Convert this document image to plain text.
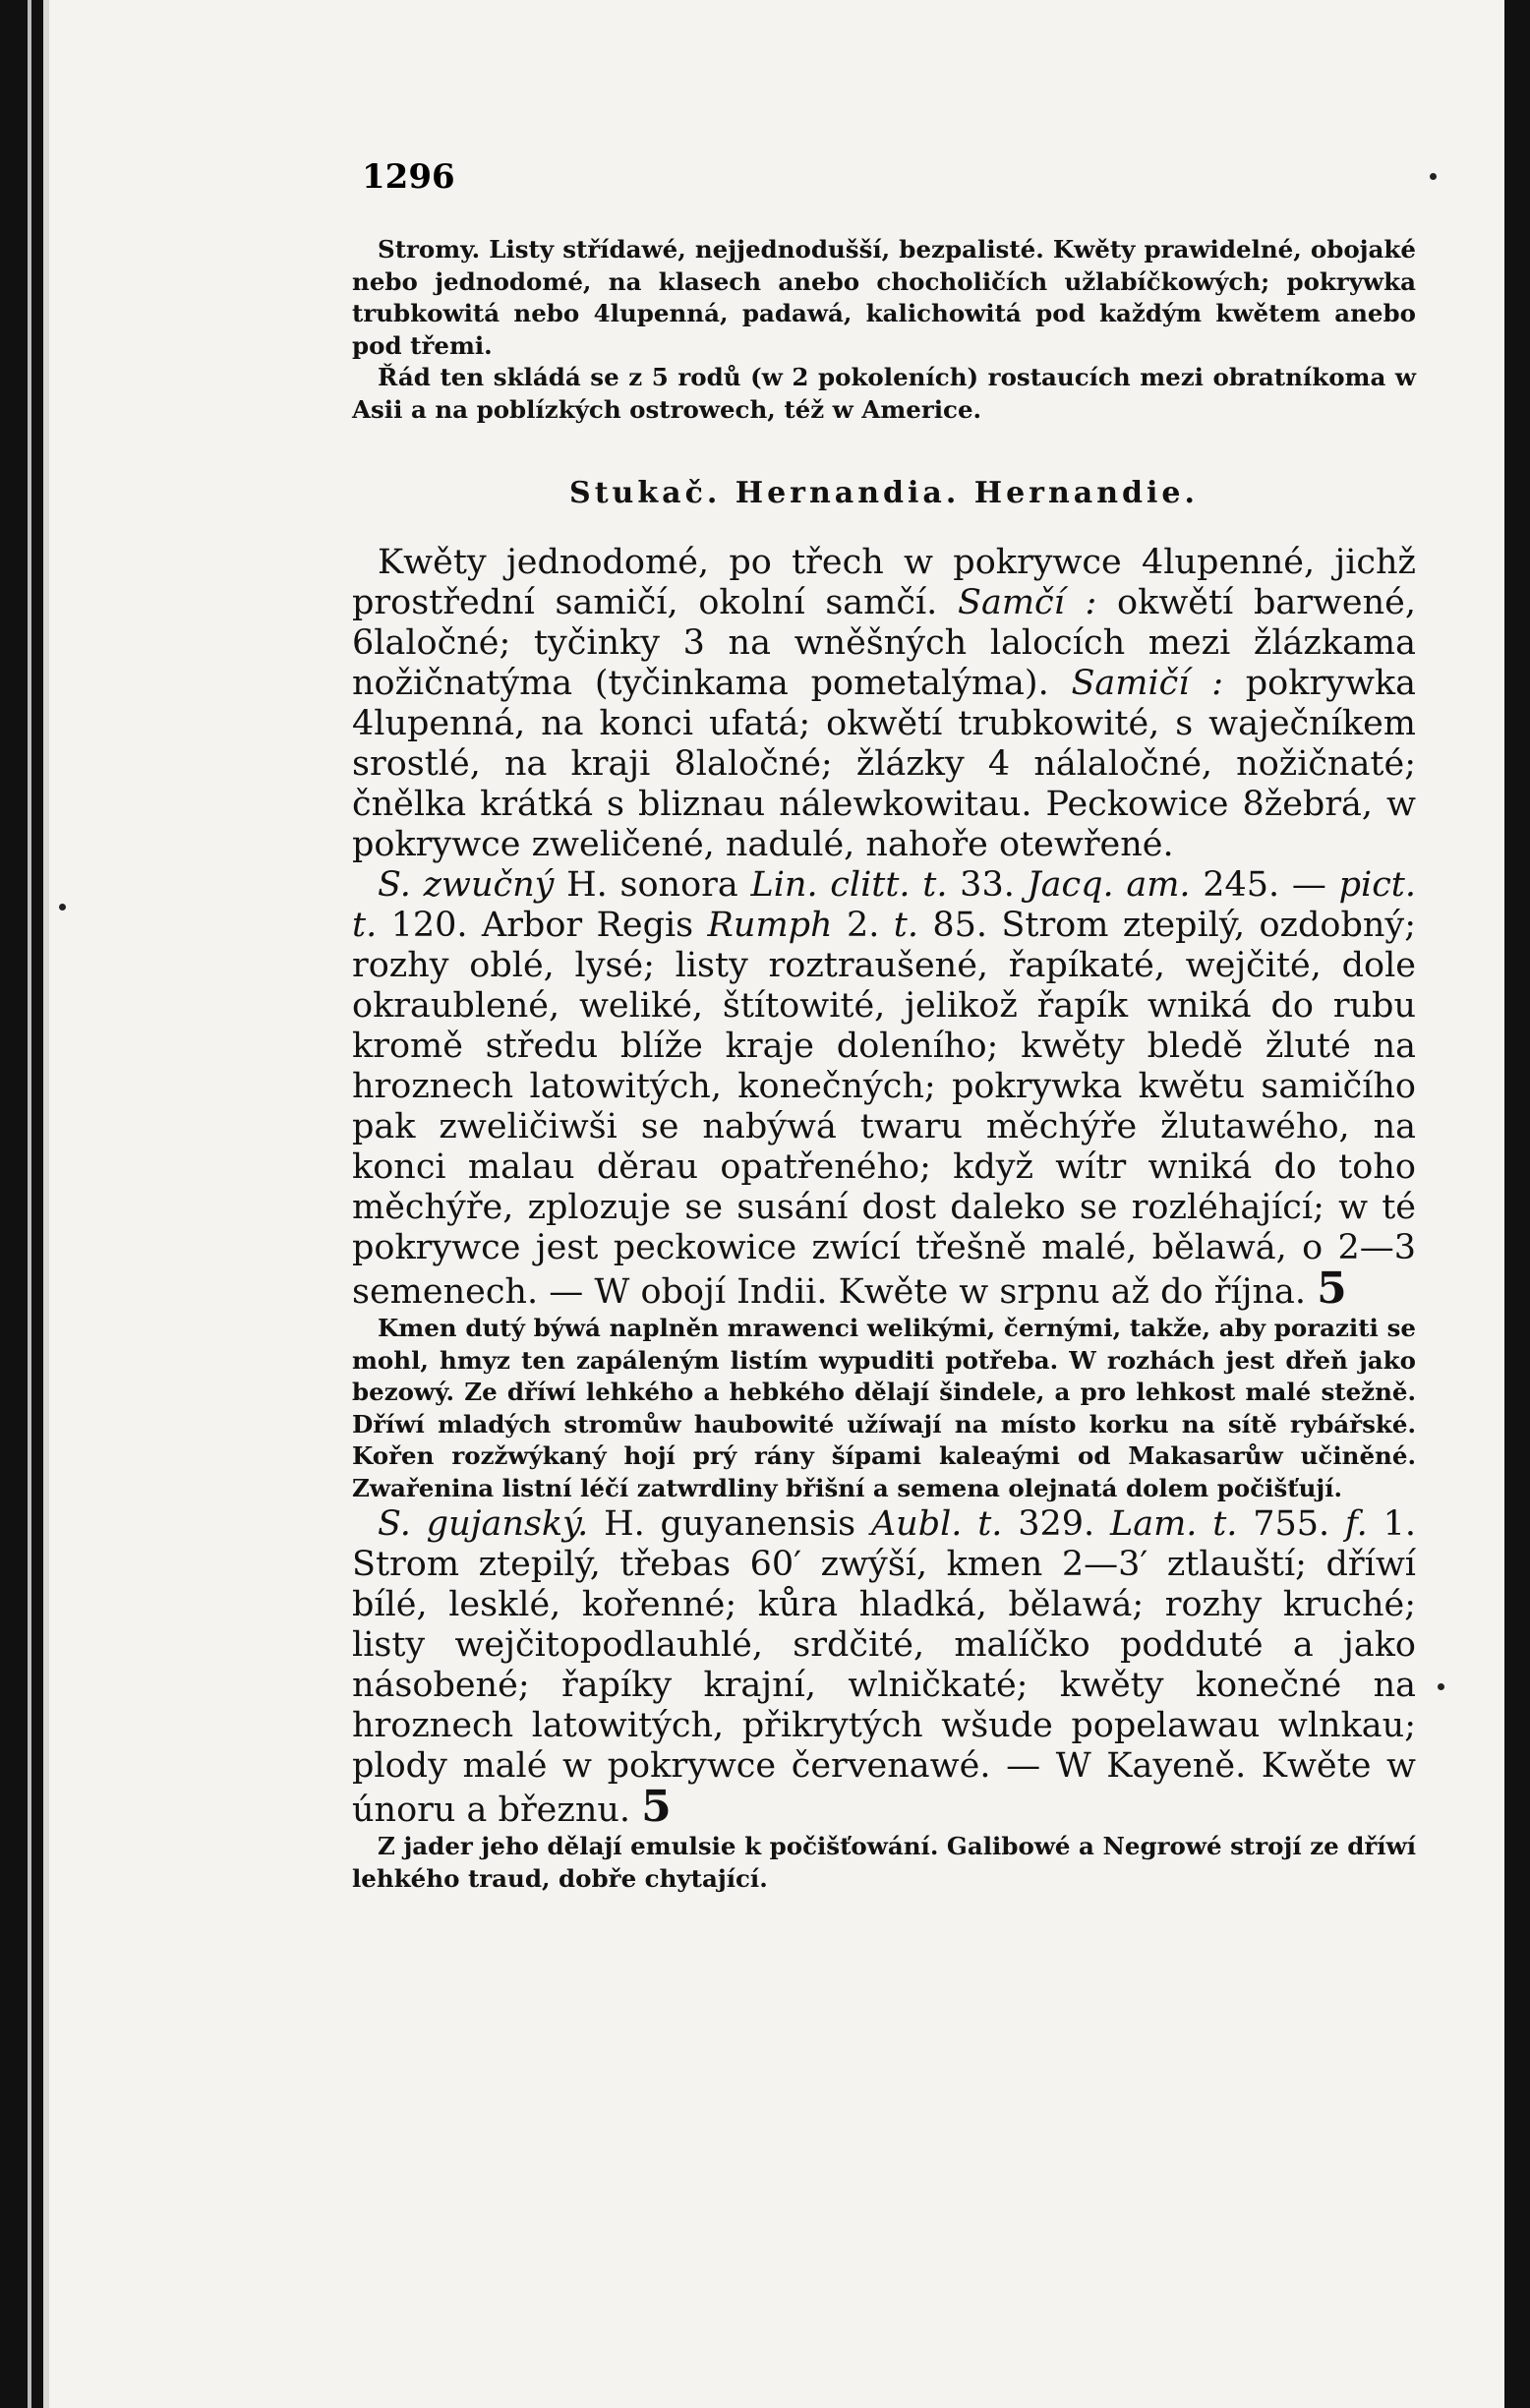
1296

Stromy. Listy střídawé, nejjednodušší, bezpalisté. Kwěty prawidelné, obojaké nebo jednodomé, na klasech anebo chocholičích užlabíčkowých; pokrywka trubkowitá nebo 4lupenná, padawá, kalichowitá pod každým kwětem anebo pod třemi.

Řád ten skládá se z 5 rodů (w 2 pokoleních) rostaucích mezi obratníkoma w Asii a na poblízkých ostrowech, též w Americe.

Stukač. Hernandia. Hernandie.

Kwěty jednodomé, po třech w pokrywce 4lupenné, jichž prostřední samičí, okolní samčí. Samčí : okwětí barwené, 6laločné; tyčinky 3 na wněšných lalocích mezi žlázkama nožičnatýma (tyčinkama pometalýma). Samičí : pokrywka 4lupenná, na konci ufatá; okwětí trubkowité, s waječníkem srostlé, na kraji 8laločné; žlázky 4 nálaločné, nožičnaté; čnělka krátká s bliznau nálewkowitau. Peckowice 8žebrá, w pokrywce zweličené, nadulé, nahoře otewřené.

S. zwučný H. sonora Lin. clitt. t. 33. Jacq. am. 245. — pict. t. 120. Arbor Regis Rumph 2. t. 85. Strom ztepilý, ozdobný; rozhy oblé, lysé; listy roztraušené, řapíkaté, wejčité, dole okraublené, weliké, štítowité, jelikož řapík wniká do rubu kromě středu blíže kraje doleního; kwěty bledě žluté na hroznech latowitých, konečných; pokrywka kwětu samičího pak zweličiwši se nabýwá twaru měchýře žlutawého, na konci malau děrau opatřeného; když wítr wniká do toho měchýře, zplozuje se susání dost daleko se rozléhající; w té pokrywce jest peckowice zwící třešně malé, bělawá, o 2—3 semenech. — W obojí Indii. Kwěte w srpnu až do října. 5

Kmen dutý býwá naplněn mrawenci welikými, černými, takže, aby poraziti se mohl, hmyz ten zapáleným listím wypuditi potřeba. W rozhách jest dřeň jako bezowý. Ze dříwí lehkého a hebkého dělají šindele, a pro lehkost malé stežně. Dříwí mladých stromůw haubowité užíwají na místo korku na sítě rybářské. Kořen rozžwýkaný hojí prý rány šípami kaleaými od Makasarůw učiněné. Zwařenina listní léčí zatwrdliny břišní a semena olejnatá dolem počišťují.

S. gujanský. H. guyanensis Aubl. t. 329. Lam. t. 755. f. 1. Strom ztepilý, třebas 60′ zwýší, kmen 2—3′ ztlauští; dříwí bílé, lesklé, kořenné; kůra hladká, bělawá; rozhy kruché; listy wejčitopodlauhlé, srdčité, malíčko podduté a jako násobené; řapíky krajní, wlničkaté; kwěty konečné na hroznech latowitých, přikrytých wšude popelawau wlnkau; plody malé w pokrywce červenawé. — W Kayeně. Kwěte w únoru a březnu. 5

Z jader jeho dělají emulsie k počišťowání. Galibowé a Negrowé strojí ze dříwí lehkého traud, dobře chytající.
